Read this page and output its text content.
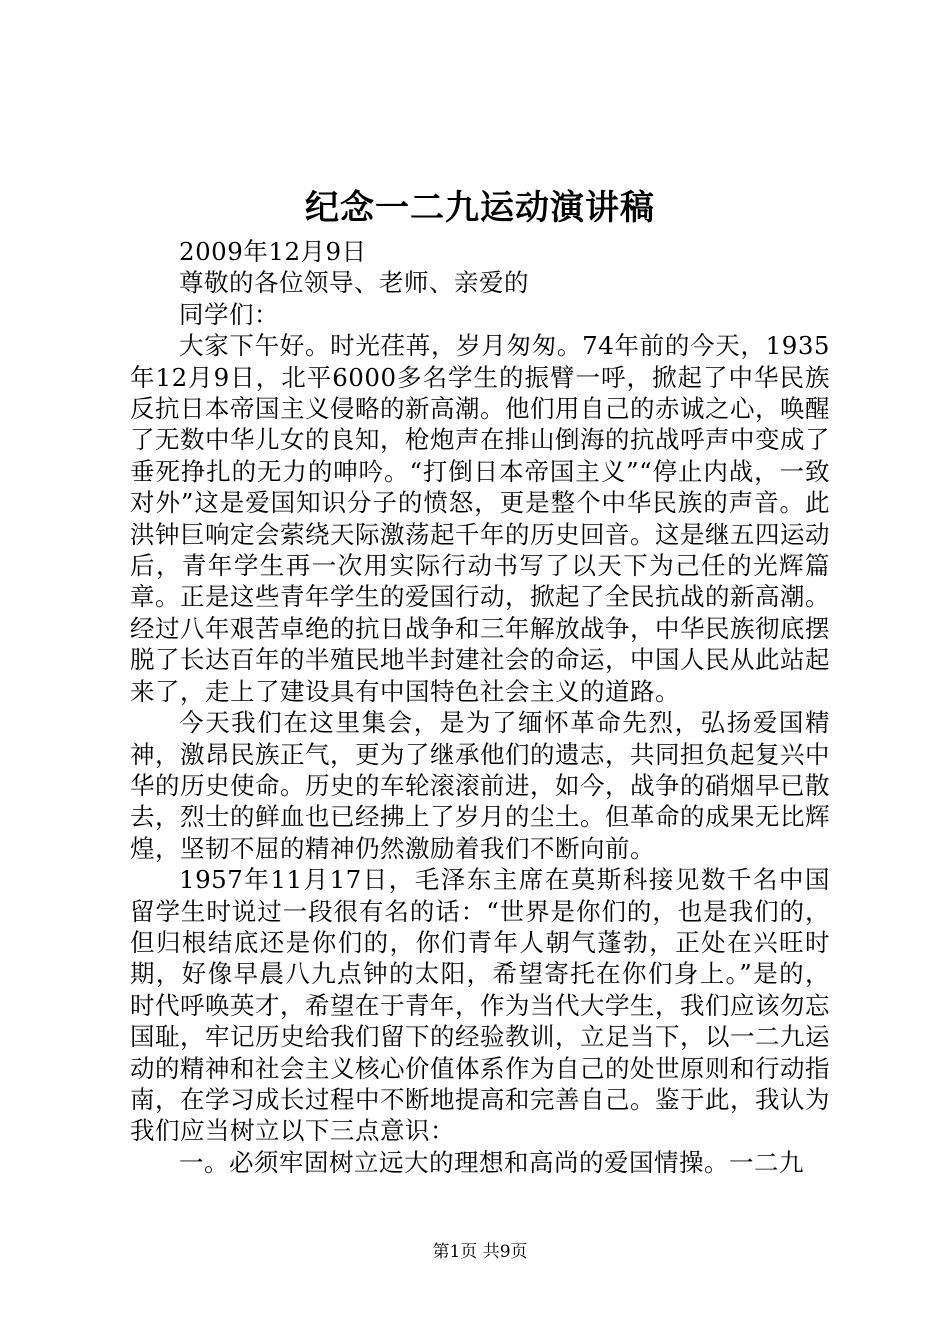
纪念一二九运动演讲稿

2009年12月9日

尊敬的各位领导、老师、亲爱的

同学们：

大家下午好。时光荏苒，岁月匆匆。74年前的今天，1935年12月9日，北平6000多名学生的振臂一呼，掀起了中华民族反抗日本帝国主义侵略的新高潮。他们用自己的赤诚之心，唤醒了无数中华儿女的良知，枪炮声在排山倒海的抗战呼声中变成了垂死挣扎的无力的呻吟。“打倒日本帝国主义”“停止内战，一致对外”这是爱国知识分子的愤怒，更是整个中华民族的声音。此洪钟巨响定会萦绕天际激荡起千年的历史回音。这是继五四运动后，青年学生再一次用实际行动书写了以天下为己任的光辉篇章。正是这些青年学生的爱国行动，掀起了全民抗战的新高潮。经过八年艰苦卓绝的抗日战争和三年解放战争，中华民族彻底摆脱了长达百年的半殖民地半封建社会的命运，中国人民从此站起来了，走上了建设具有中国特色社会主义的道路。

今天我们在这里集会，是为了缅怀革命先烈，弘扬爱国精神，激昂民族正气，更为了继承他们的遗志，共同担负起复兴中华的历史使命。历史的车轮滚滚前进，如今，战争的硝烟早已散去，烈士的鲜血也已经拂上了岁月的尘土。但革命的成果无比辉煌，坚韧不屈的精神仍然激励着我们不断向前。

1957年11月17日，毛泽东主席在莫斯科接见数千名中国留学生时说过一段很有名的话：“世界是你们的，也是我们的，但归根结底还是你们的，你们青年人朝气蓬勃，正处在兴旺时期，好像早晨八九点钟的太阳，希望寄托在你们身上。”是的，时代呼唤英才，希望在于青年，作为当代大学生，我们应该勿忘国耻，牢记历史给我们留下的经验教训，立足当下，以一二九运动的精神和社会主义核心价值体系作为自己的处世原则和行动指南，在学习成长过程中不断地提高和完善自己。鉴于此，我认为我们应当树立以下三点意识：

一。必须牢固树立远大的理想和高尚的爱国情操。一二九

第1页 共9页
